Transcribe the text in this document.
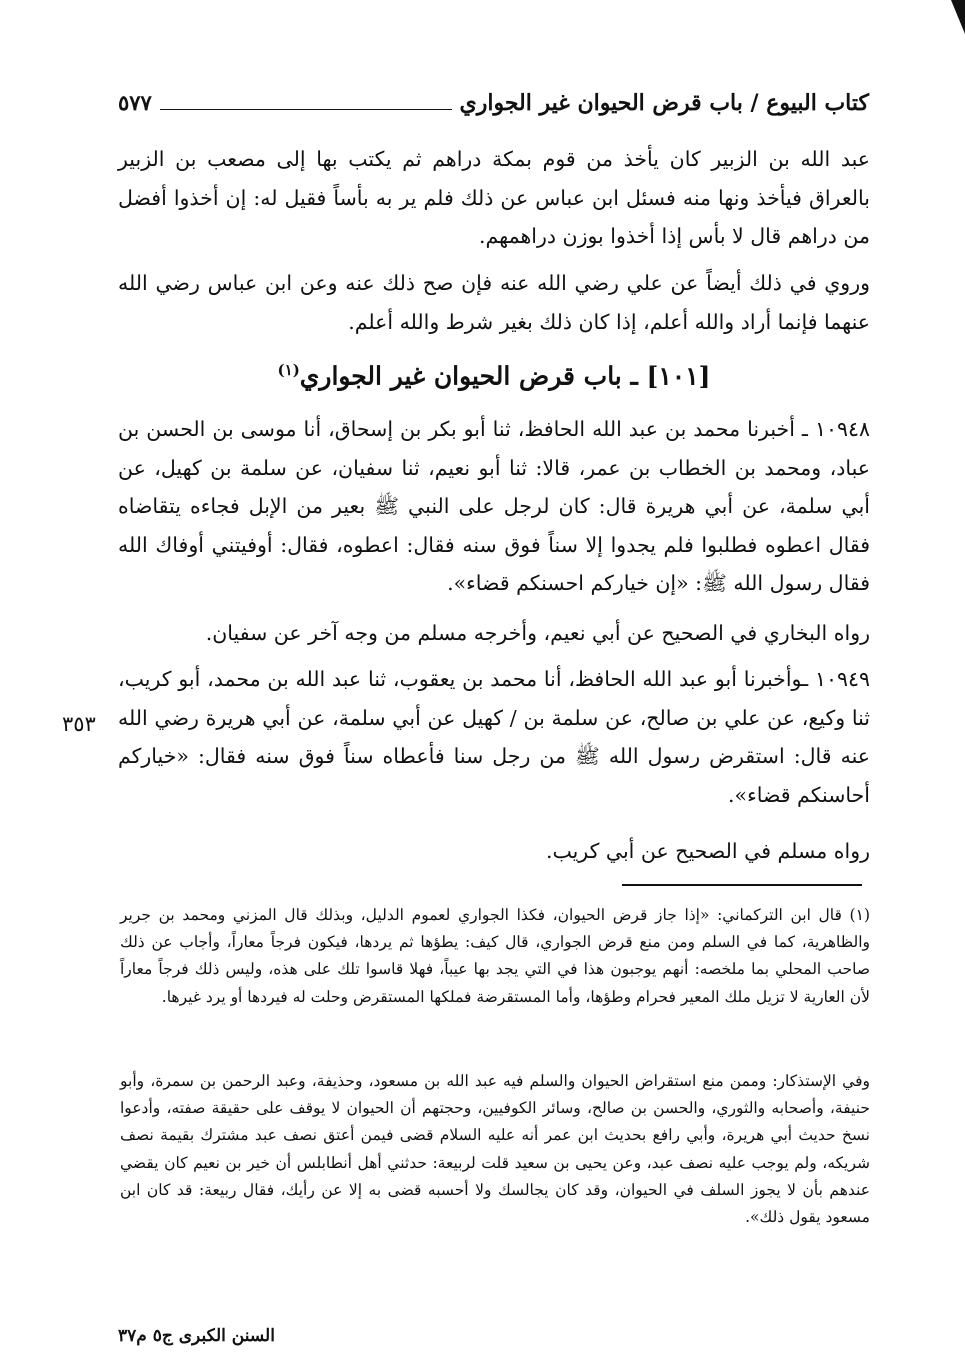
كتاب البيوع / باب قرض الحيوان غير الجواري
٥٧٧
عبد الله بن الزبير كان يأخذ من قوم بمكة دراهم ثم يكتب بها إلى مصعب بن الزبير بالعراق فيأخذ ونها منه فسئل ابن عباس عن ذلك فلم ير به بأساً فقيل له: إن أخذوا أفضل من دراهم قال لا بأس إذا أخذوا بوزن دراهمهم.
وروي في ذلك أيضاً عن علي رضي الله عنه فإن صح ذلك عنه وعن ابن عباس رضي الله عنهما فإنما أراد والله أعلم، إذا كان ذلك بغير شرط والله أعلم.
[١٠١] ـ باب قرض الحيوان غير الجواري$^{(١)}$
١٠٩٤٨ ـ أخبرنا محمد بن عبد الله الحافظ، ثنا أبو بكر بن إسحاق، أنا موسى بن الحسن بن عباد، ومحمد بن الخطاب بن عمر، قالا: ثنا أبو نعيم، ثنا سفيان، عن سلمة بن كهيل، عن أبي سلمة، عن أبي هريرة قال: كان لرجل على النبي ﷺ بعير من الإبل فجاءه يتقاضاه فقال اعطوه فطلبوا فلم يجدوا إلا سناً فوق سنه فقال: اعطوه، فقال: أوفيتني أوفاك الله فقال رسول الله ﷺ: «إن خياركم احسنكم قضاء».
رواه البخاري في الصحيح عن أبي نعيم، وأخرجه مسلم من وجه آخر عن سفيان.
١٠٩٤٩ ـوأخبرنا أبو عبد الله الحافظ، أنا محمد بن يعقوب، ثنا عبد الله بن محمد، أبو كريب، ثنا وكيع، عن علي بن صالح، عن سلمة بن / كهيل عن أبي سلمة، عن أبي هريرة رضي الله عنه قال: استقرض رسول الله ﷺ من رجل سنا فأعطاه سناً فوق سنه فقال: «خياركم أحاسنكم قضاء».
رواه مسلم في الصحيح عن أبي كريب.
٣٥٣
(١) قال ابن التركماني: «إذا جاز قرض الحيوان، فكذا الجواري لعموم الدليل، وبذلك قال المزني ومحمد بن جرير والظاهرية، كما في السلم ومن منع قرض الجواري، قال كيف: يطؤها ثم يردها، فيكون فرجاً معاراً، وأجاب عن ذلك صاحب المحلي بما ملخصه: أنهم يوجبون هذا في التي يجد بها عيباً، فهلا قاسوا تلك على هذه، وليس ذلك فرجاً معاراً لأن العارية لا تزيل ملك المعير فحرام وطؤها، وأما المستقرضة فملكها المستقرض وحلت له فيردها أو يرد غيرها.
وفي الإستذكار: وممن منع استقراض الحيوان والسلم فيه عبد الله بن مسعود، وحذيفة، وعبد الرحمن بن سمرة، وأبو حنيفة، وأصحابه والثوري، والحسن بن صالح، وسائر الكوفيين، وحجتهم أن الحيوان لا يوقف على حقيقة صفته، وأدعوا نسخ حديث أبي هريرة، وأبي رافع بحديث ابن عمر أنه عليه السلام قضى فيمن أعتق نصف عبد مشترك بقيمة نصف شريكه، ولم يوجب عليه نصف عبد، وعن يحيى بن سعيد قلت لربيعة: حدثني أهل أنطابلس أن خير بن نعيم كان يقضي عندهم بأن لا يجوز السلف في الحيوان، وقد كان يجالسك ولا أحسبه قضى به إلا عن رأيك، فقال ربيعة: قد كان ابن مسعود يقول ذلك».
السنن الكبرى ج٥ م٣٧
